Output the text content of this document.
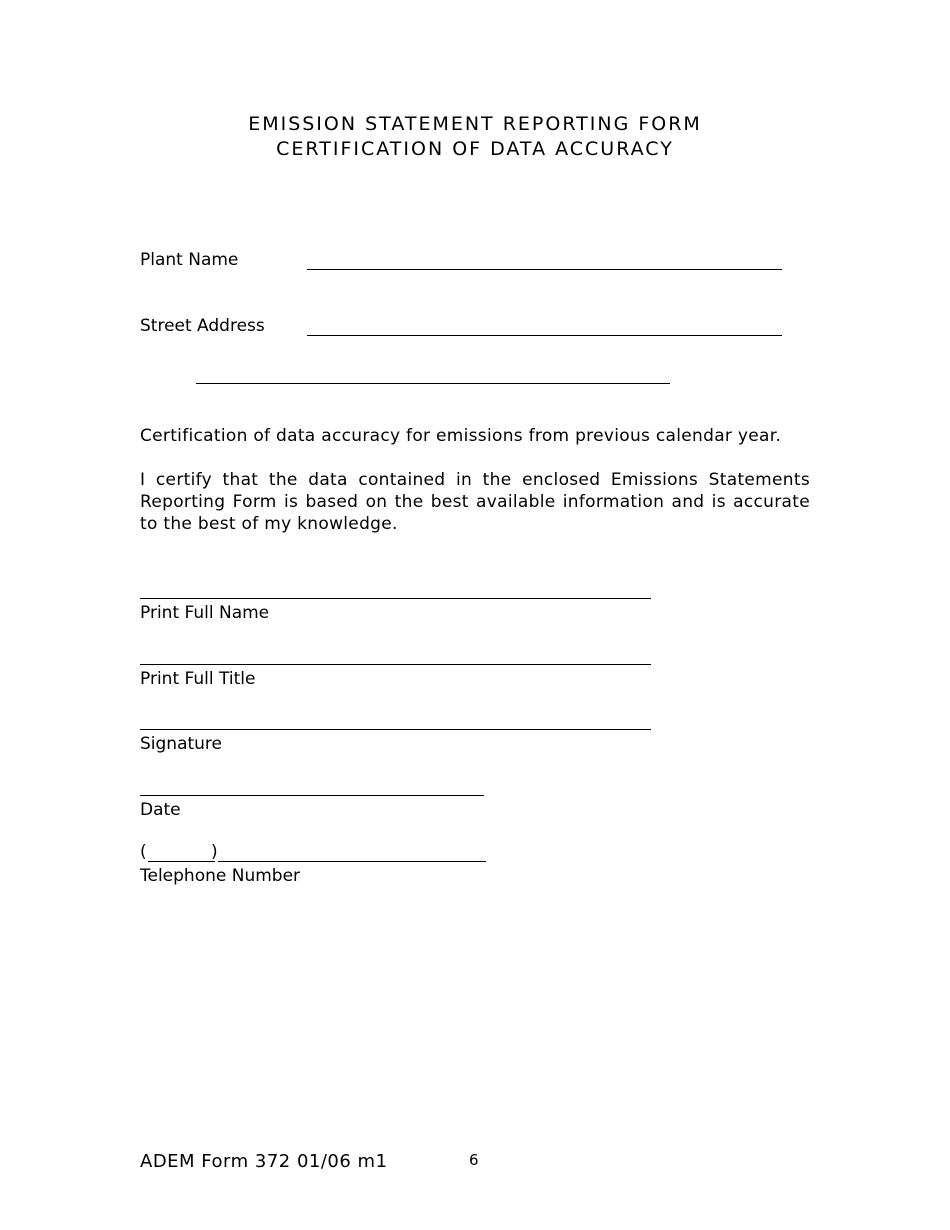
EMISSION STATEMENT REPORTING FORM
CERTIFICATION OF DATA ACCURACY
Plant Name
Street Address
Certification of data accuracy for emissions from previous calendar year.
I certify that the data contained in the enclosed Emissions Statements Reporting Form is based on the best available information and is accurate to the best of my knowledge.
Print Full Name
Print Full Title
Signature
Date
(	)
Telephone Number
ADEM Form 372 01/06 m1	6
